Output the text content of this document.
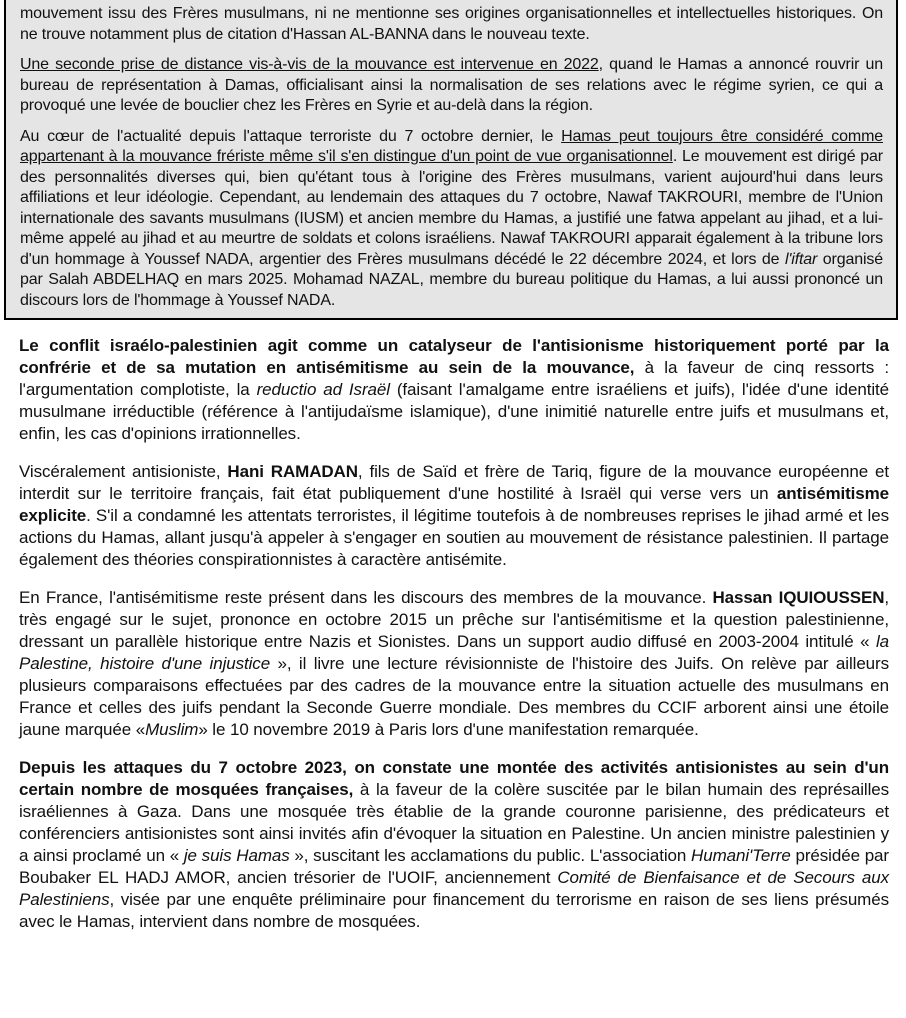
mouvement issu des Frères musulmans, ni ne mentionne ses origines organisationnelles et intellectuelles historiques. On ne trouve notamment plus de citation d'Hassan AL-BANNA dans le nouveau texte.

Une seconde prise de distance vis-à-vis de la mouvance est intervenue en 2022, quand le Hamas a annoncé rouvrir un bureau de représentation à Damas, officialisant ainsi la normalisation de ses relations avec le régime syrien, ce qui a provoqué une levée de bouclier chez les Frères en Syrie et au-delà dans la région.

Au cœur de l'actualité depuis l'attaque terroriste du 7 octobre dernier, le Hamas peut toujours être considéré comme appartenant à la mouvance frériste même s'il s'en distingue d'un point de vue organisationnel. Le mouvement est dirigé par des personnalités diverses qui, bien qu'étant tous à l'origine des Frères musulmans, varient aujourd'hui dans leurs affiliations et leur idéologie. Cependant, au lendemain des attaques du 7 octobre, Nawaf TAKROURI, membre de l'Union internationale des savants musulmans (IUSM) et ancien membre du Hamas, a justifié une fatwa appelant au jihad, et a lui-même appelé au jihad et au meurtre de soldats et colons israéliens. Nawaf TAKROURI apparait également à la tribune lors d'un hommage à Youssef NADA, argentier des Frères musulmans décédé le 22 décembre 2024, et lors de l'iftar organisé par Salah ABDELHAQ en mars 2025. Mohamad NAZAL, membre du bureau politique du Hamas, a lui aussi prononcé un discours lors de l'hommage à Youssef NADA.

Le conflit israélo-palestinien agit comme un catalyseur de l'antisionisme historiquement porté par la confrérie et de sa mutation en antisémitisme au sein de la mouvance, à la faveur de cinq ressorts : l'argumentation complotiste, la reductio ad Israël (faisant l'amalgame entre israéliens et juifs), l'idée d'une identité musulmane irréductible (référence à l'antijudaïsme islamique), d'une inimitié naturelle entre juifs et musulmans et, enfin, les cas d'opinions irrationnelles.

Viscéralement antisioniste, Hani RAMADAN, fils de Saïd et frère de Tariq, figure de la mouvance européenne et interdit sur le territoire français, fait état publiquement d'une hostilité à Israël qui verse vers un antisémitisme explicite. S'il a condamné les attentats terroristes, il légitime toutefois à de nombreuses reprises le jihad armé et les actions du Hamas, allant jusqu'à appeler à s'engager en soutien au mouvement de résistance palestinien. Il partage également des théories conspirationnistes à caractère antisémite.

En France, l'antisémitisme reste présent dans les discours des membres de la mouvance. Hassan IQUIOUSSEN, très engagé sur le sujet, prononce en octobre 2015 un prêche sur l'antisémitisme et la question palestinienne, dressant un parallèle historique entre Nazis et Sionistes. Dans un support audio diffusé en 2003-2004 intitulé « la Palestine, histoire d'une injustice », il livre une lecture révisionniste de l'histoire des Juifs. On relève par ailleurs plusieurs comparaisons effectuées par des cadres de la mouvance entre la situation actuelle des musulmans en France et celles des juifs pendant la Seconde Guerre mondiale. Des membres du CCIF arborent ainsi une étoile jaune marquée «Muslim» le 10 novembre 2019 à Paris lors d'une manifestation remarquée.

Depuis les attaques du 7 octobre 2023, on constate une montée des activités antisionistes au sein d'un certain nombre de mosquées françaises, à la faveur de la colère suscitée par le bilan humain des représailles israéliennes à Gaza. Dans une mosquée très établie de la grande couronne parisienne, des prédicateurs et conférenciers antisionistes sont ainsi invités afin d'évoquer la situation en Palestine. Un ancien ministre palestinien y a ainsi proclamé un « je suis Hamas », suscitant les acclamations du public. L'association Humani'Terre présidée par Boubaker EL HADJ AMOR, ancien trésorier de l'UOIF, anciennement Comité de Bienfaisance et de Secours aux Palestiniens, visée par une enquête préliminaire pour financement du terrorisme en raison de ses liens présumés avec le Hamas, intervient dans nombre de mosquées.
